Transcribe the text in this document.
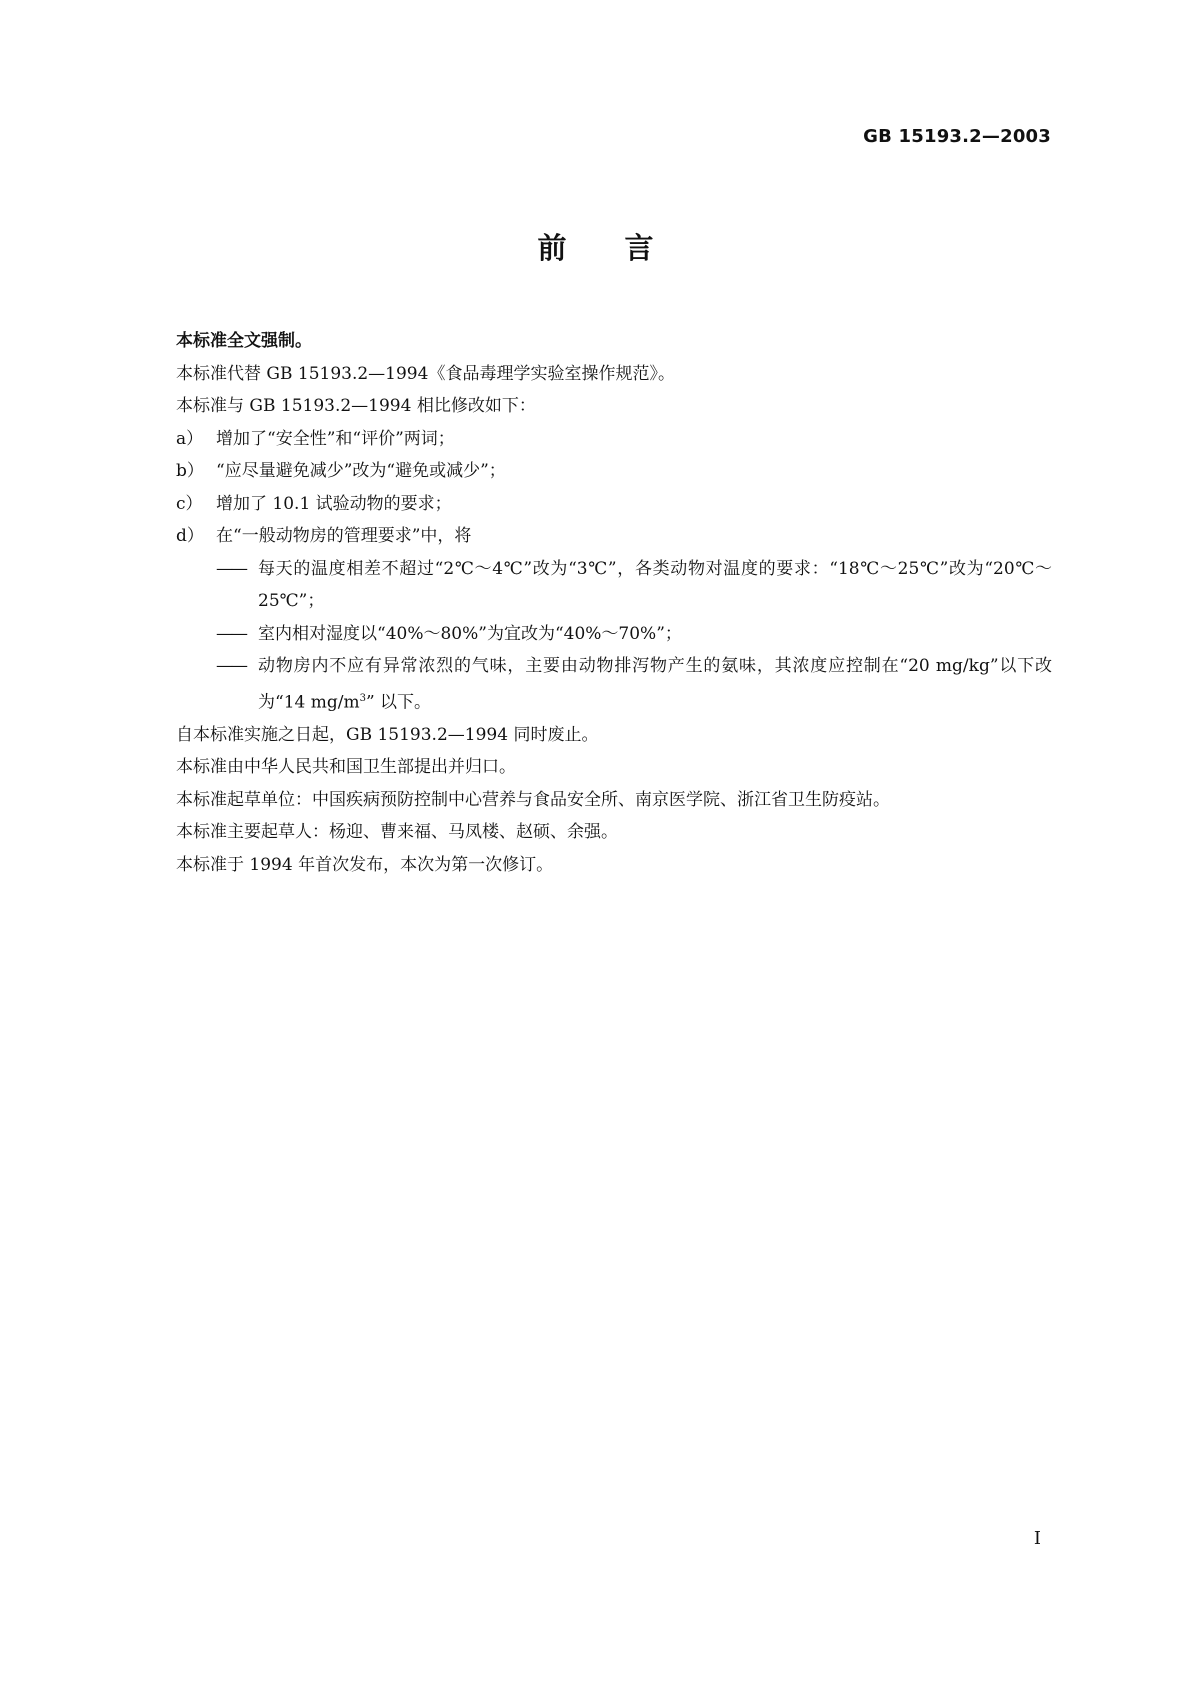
GB 15193.2—2003
前言
本标准全文强制。
本标准代替 GB 15193.2—1994《食品毒理学实验室操作规范》。
本标准与 GB 15193.2—1994 相比修改如下：
a） 增加了“安全性”和“评价”两词；
b） “应尽量避免减少”改为“避免或减少”；
c） 增加了 10.1 试验动物的要求；
d） 在“一般动物房的管理要求”中，将
—— 每天的温度相差不超过“2℃～4℃”改为“3℃”，各类动物对温度的要求：“18℃～25℃”改为“20℃～25℃”；
—— 室内相对湿度以“40%～80%”为宜改为“40%～70%”；
—— 动物房内不应有异常浓烈的气味，主要由动物排泻物产生的氨味，其浓度应控制在“20 mg/kg”以下改为“14 $mg/m^3$” 以下。
自本标准实施之日起，GB 15193.2—1994 同时废止。
本标准由中华人民共和国卫生部提出并归口。
本标准起草单位：中国疾病预防控制中心营养与食品安全所、南京医学院、浙江省卫生防疫站。
本标准主要起草人：杨迎、曹来福、马凤楼、赵硕、余强。
本标准于 1994 年首次发布，本次为第一次修订。
I
